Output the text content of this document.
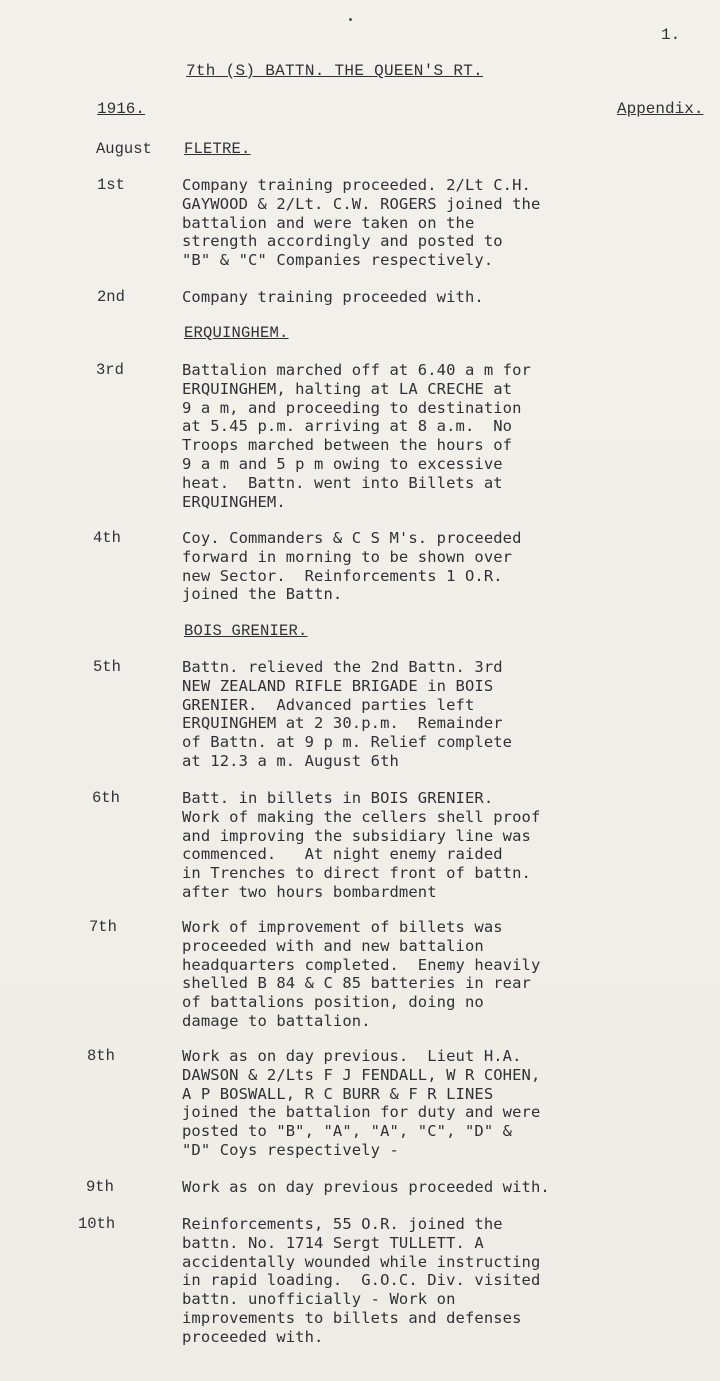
1.
7th (S) BATTN. THE QUEEN'S RT.
1916.	Appendix.
August FLETRE.
1st	Company training proceeded. 2/Lt C.H.
GAYWOOD & 2/Lt. C.W. ROGERS joined the
battalion and were taken on the
strength accordingly and posted to
"B" & "C" Companies respectively.
2nd	Company training proceeded with.
ERQUINGHEM.
3rd	Battalion marched off at 6.40 a m for
ERQUINGHEM, halting at LA CRECHE at
9 a m, and proceeding to destination
at 5.45 p.m. arriving at 8 a.m.  No
Troops marched between the hours of
9 a m and 5 p m owing to excessive
heat.  Battn. went into Billets at
ERQUINGHEM.
4th	Coy. Commanders & C S M's. proceeded
forward in morning to be shown over
new Sector.  Reinforcements 1 O.R.
joined the Battn.
BOIS GRENIER.
5th	Battn. relieved the 2nd Battn. 3rd
NEW ZEALAND RIFLE BRIGADE in BOIS
GRENIER.  Advanced parties left
ERQUINGHEM at 2 30.p.m.  Remainder
of Battn. at 9 p m. Relief complete
at 12.3 a m. August 6th
6th	Batt. in billets in BOIS GRENIER.
Work of making the cellers shell proof
and improving the subsidiary line was
commenced.   At night enemy raided
in Trenches to direct front of battn.
after two hours bombardment
7th	Work of improvement of billets was
proceeded with and new battalion
headquarters completed.  Enemy heavily
shelled B 84 & C 85 batteries in rear
of battalions position, doing no
damage to battalion.
8th	Work as on day previous.  Lieut H.A.
DAWSON & 2/Lts F J FENDALL, W R COHEN,
A P BOSWALL, R C BURR & F R LINES
joined the battalion for duty and were
posted to "B", "A", "A", "C", "D" &
"D" Coys respectively -
9th	Work as on day previous proceeded with.
10th	Reinforcements, 55 O.R. joined the
battn. No. 1714 Sergt TULLETT. A
accidentally wounded while instructing
in rapid loading.  G.O.C. Div. visited
battn. unofficially - Work on
improvements to billets and defenses
proceeded with.
